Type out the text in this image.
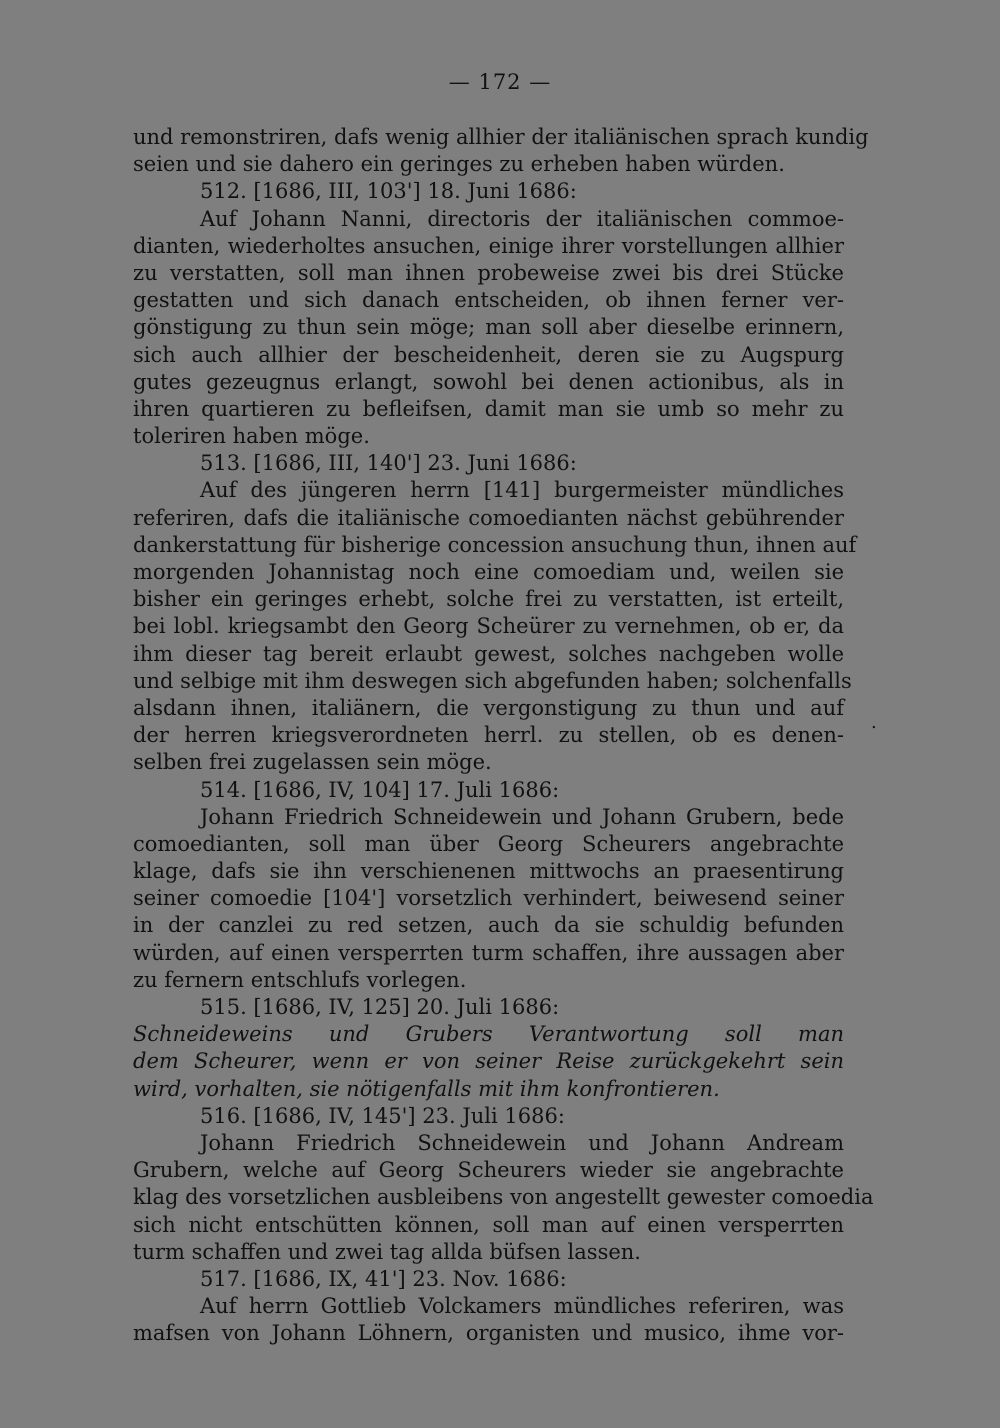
— 172 —
und remonstriren, dafs wenig allhier der italiänischen sprach kundig
seien und sie dahero ein geringes zu erheben haben würden.
512. [1686, III, 103'] 18. Juni 1686:
Auf Johann Nanni, directoris der italiänischen commoe-
dianten, wiederholtes ansuchen, einige ihrer vorstellungen allhier
zu verstatten, soll man ihnen probeweise zwei bis drei Stücke
gestatten und sich danach entscheiden, ob ihnen ferner ver-
gönstigung zu thun sein möge; man soll aber dieselbe erinnern,
sich auch allhier der bescheidenheit, deren sie zu Augspurg
gutes gezeugnus erlangt, sowohl bei denen actionibus, als in
ihren quartieren zu befleifsen, damit man sie umb so mehr zu
toleriren haben möge.
513. [1686, III, 140'] 23. Juni 1686:
Auf des jüngeren herrn [141] burgermeister mündliches
referiren, dafs die italiänische comoedianten nächst gebührender
dankerstattung für bisherige concession ansuchung thun, ihnen auf
morgenden Johannistag noch eine comoediam und, weilen sie
bisher ein geringes erhebt, solche frei zu verstatten, ist erteilt,
bei lobl. kriegsambt den Georg Scheürer zu vernehmen, ob er, da
ihm dieser tag bereit erlaubt gewest, solches nachgeben wolle
und selbige mit ihm deswegen sich abgefunden haben; solchenfalls
alsdann ihnen, italiänern, die vergonstigung zu thun und auf
der herren kriegsverordneten herrl. zu stellen, ob es denen-
selben frei zugelassen sein möge.
514. [1686, IV, 104] 17. Juli 1686:
Johann Friedrich Schneidewein und Johann Grubern, bede
comoedianten, soll man über Georg Scheurers angebrachte
klage, dafs sie ihn verschienenen mittwochs an praesentirung
seiner comoedie [104'] vorsetzlich verhindert, beiwesend seiner
in der canzlei zu red setzen, auch da sie schuldig befunden
würden, auf einen versperrten turm schaffen, ihre aussagen aber
zu fernern entschlufs vorlegen.
515. [1686, IV, 125] 20. Juli 1686:
Schneideweins und Grubers Verantwortung soll man
dem Scheurer, wenn er von seiner Reise zurückgekehrt sein
wird, vorhalten, sie nötigenfalls mit ihm konfrontieren.
516. [1686, IV, 145'] 23. Juli 1686:
Johann Friedrich Schneidewein und Johann Andream
Grubern, welche auf Georg Scheurers wieder sie angebrachte
klag des vorsetzlichen ausbleibens von angestellt gewester comoedia
sich nicht entschütten können, soll man auf einen versperrten
turm schaffen und zwei tag allda büfsen lassen.
517. [1686, IX, 41'] 23. Nov. 1686:
Auf herrn Gottlieb Volckamers mündliches referiren, was
mafsen von Johann Löhnern, organisten und musico, ihme vor-
.
